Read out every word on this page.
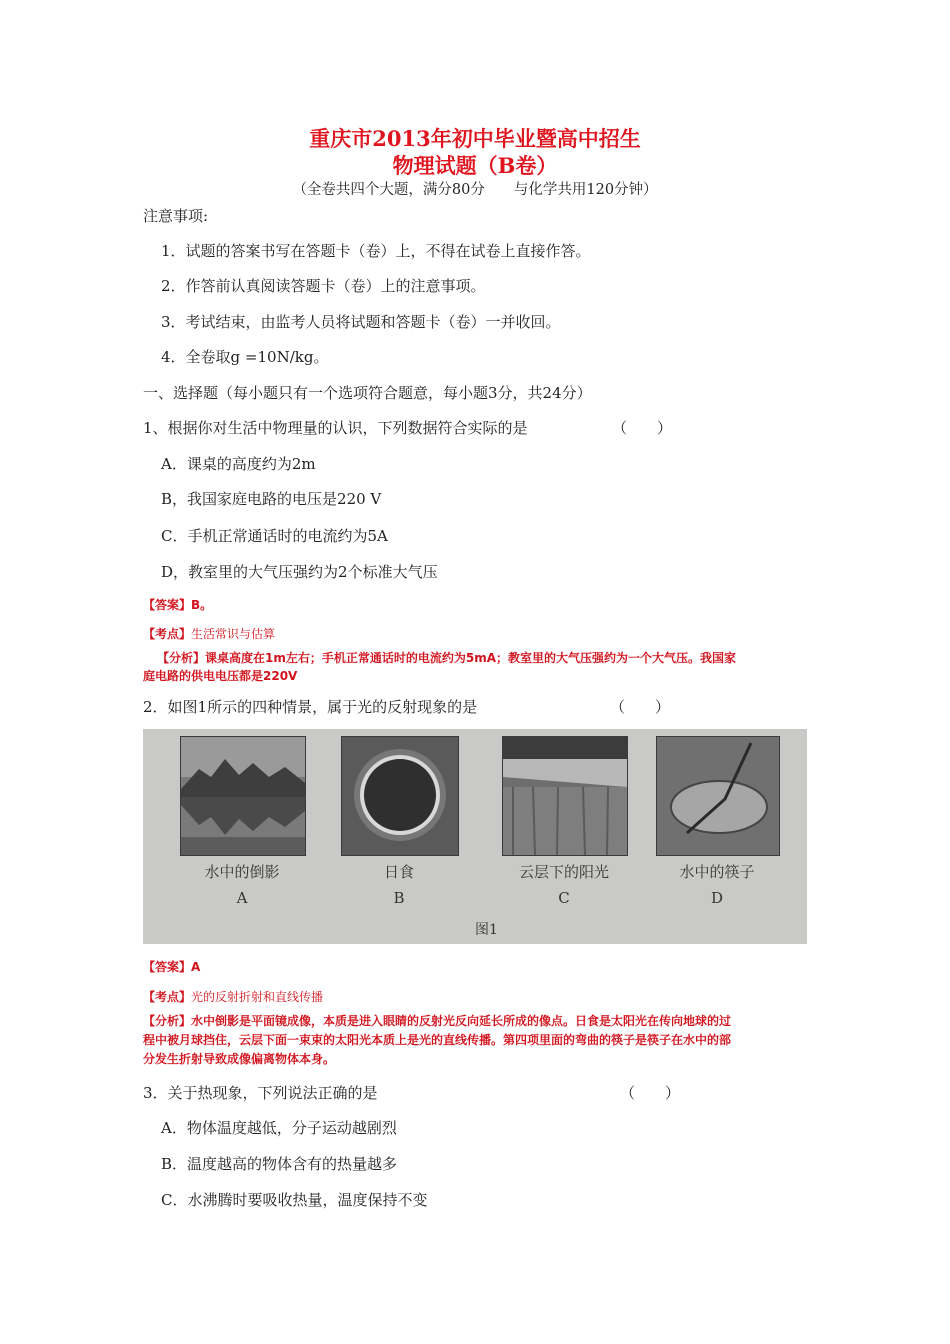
重庆市2013年初中毕业暨高中招生
物理试题（B卷）
（全卷共四个大题，满分80分　　与化学共用120分钟）
注意事项:
1．试题的答案书写在答题卡（卷）上，不得在试卷上直接作答。
2．作答前认真阅读答题卡（卷）上的注意事项。
3．考试结束，由监考人员将试题和答题卡（卷）一并收回。
4．全卷取g =10N/kg。
一、选择题（每小题只有一个选项符合题意，每小题3分，共24分）
1、根据你对生活中物理量的认识，下列数据符合实际的是	（　　）
A．课桌的高度约为2m
B，我国家庭电路的电压是220 V
C．手机正常通话时的电流约为5A
D，教室里的大气压强约为2个标准大气压
【答案】B。
【考点】生活常识与估算
【分析】课桌高度在1m左右；手机正常通话时的电流约为5mA；教室里的大气压强约为一个大气压。我国家
庭电路的供电电压都是220V
2．如图1所示的四种情景，属于光的反射现象的是	（　　）
水中的倒影
A
日食
B
云层下的阳光
C
水中的筷子
D
图1
【答案】A
【考点】光的反射折射和直线传播
【分析】水中倒影是平面镜成像，本质是进入眼睛的反射光反向延长所成的像点。日食是太阳光在传向地球的过
程中被月球挡住，云层下面一束束的太阳光本质上是光的直线传播。第四项里面的弯曲的筷子是筷子在水中的部
分发生折射导致成像偏离物体本身。
3．关于热现象，下列说法正确的是	（　　）
A．物体温度越低，分子运动越剧烈
B．温度越高的物体含有的热量越多
C．水沸腾时要吸收热量，温度保持不变
